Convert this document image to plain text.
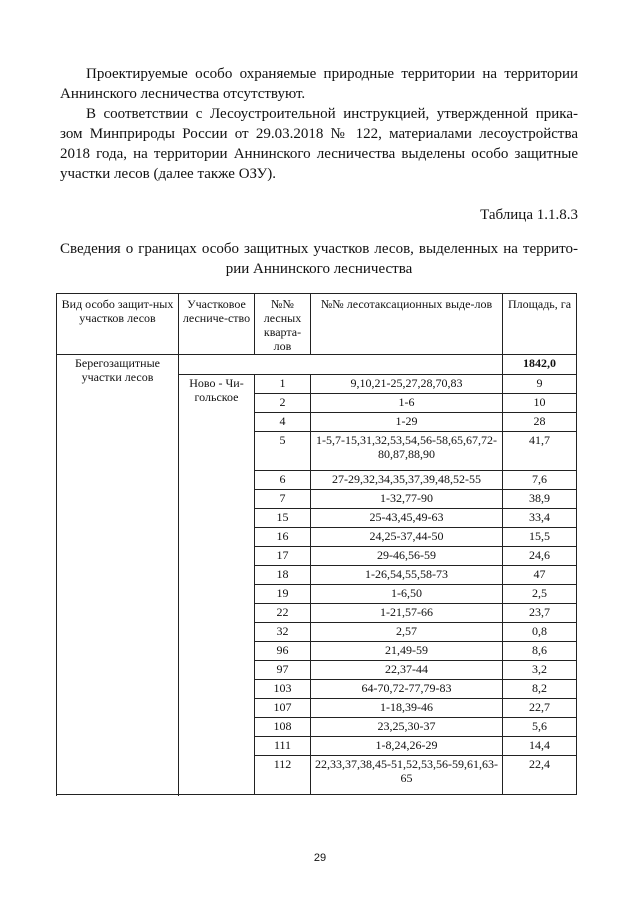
Проектируемые особо охраняемые природные территории на территории
Аннинского лесничества отсутствуют.
В соответствии с Лесоустроительной инструкцией, утвержденной прика-
зом Минприроды России от 29.03.2018 № 122, материалами лесоустройства
2018 года, на территории Аннинского лесничества выделены особо защитные
участки лесов (далее также ОЗУ).
Таблица 1.1.8.3
Сведения о границах особо защитных участков лесов, выделенных на террито-
рии Аннинского лесничества
Вид особо защит-ных участков лесов	Участковое лесниче-ство	№№ лесных кварта-лов	№№ лесотаксационных выде-лов	Площадь, га
Берегозащитные участки лесов				1842,0
	Ново - Чи-гольское	1	9,10,21-25,27,28,70,83	9
		2	1-6	10
		4	1-29	28
		5	1-5,7-15,31,32,53,54,56-58,65,67,72-80,87,88,90	41,7
		6	27-29,32,34,35,37,39,48,52-55	7,6
		7	1-32,77-90	38,9
		15	25-43,45,49-63	33,4
		16	24,25-37,44-50	15,5
		17	29-46,56-59	24,6
		18	1-26,54,55,58-73	47
		19	1-6,50	2,5
		22	1-21,57-66	23,7
		32	2,57	0,8
		96	21,49-59	8,6
		97	22,37-44	3,2
		103	64-70,72-77,79-83	8,2
		107	1-18,39-46	22,7
		108	23,25,30-37	5,6
		111	1-8,24,26-29	14,4
		112	22,33,37,38,45-51,52,53,56-59,61,63-65	22,4

29
